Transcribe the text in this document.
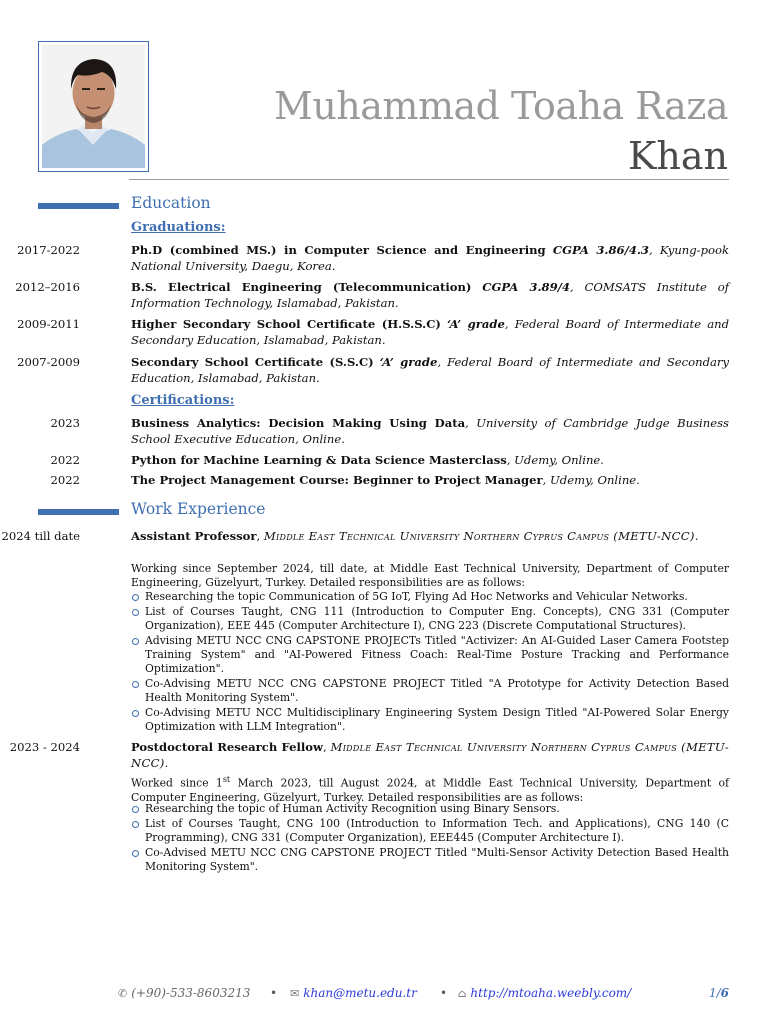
Muhammad Toaha Raza
Khan
Education
Graduations:
2017-2022	Ph.D (combined MS.) in Computer Science and Engineering CGPA 3.86/4.3, Kyung-pook National University, Daegu, Korea.
2012–2016	B.S. Electrical Engineering (Telecommunication) CGPA 3.89/4, COMSATS Institute of Information Technology, Islamabad, Pakistan.
2009-2011	Higher Secondary School Certificate (H.S.S.C) ‘A’ grade, Federal Board of Intermediate and Secondary Education, Islamabad, Pakistan.
2007-2009	Secondary School Certificate (S.S.C) ‘A’ grade, Federal Board of Intermediate and Secondary Education, Islamabad, Pakistan.
Certifications:
2023	Business Analytics: Decision Making Using Data, University of Cambridge Judge Business School Executive Education, Online.
2022	Python for Machine Learning & Data Science Masterclass, Udemy, Online.
2022	The Project Management Course: Beginner to Project Manager, Udemy, Online.
Work Experience
2024 till date	Assistant Professor, Middle East Technical University Northern Cyprus Campus (METU-NCC).
Working since September 2024, till date, at Middle East Technical University, Department of Computer Engineering, Güzelyurt, Turkey. Detailed responsibilities are as follows:
Researching the topic Communication of 5G IoT, Flying Ad Hoc Networks and Vehicular Networks.
List of Courses Taught, CNG 111 (Introduction to Computer Eng. Concepts), CNG 331 (Computer Organization), EEE 445 (Computer Architecture I), CNG 223 (Discrete Computational Structures).
Advising METU NCC CNG CAPSTONE PROJECTs Titled "Activizer: An AI-Guided Laser Camera Footstep Training System" and "AI-Powered Fitness Coach: Real-Time Posture Tracking and Performance Optimization".
Co-Advising METU NCC CNG CAPSTONE PROJECT Titled "A Prototype for Activity Detection Based Health Monitoring System".
Co-Advising METU NCC Multidisciplinary Engineering System Design Titled "AI-Powered Solar Energy Optimization with LLM Integration".
2023 - 2024	Postdoctoral Research Fellow, Middle East Technical University Northern Cyprus Campus (METU-NCC).
Worked since 1st March 2023, till August 2024, at Middle East Technical University, Department of Computer Engineering, Güzelyurt, Turkey. Detailed responsibilities are as follows:
Researching the topic of Human Activity Recognition using Binary Sensors.
List of Courses Taught, CNG 100 (Introduction to Information Tech. and Applications), CNG 140 (C Programming), CNG 331 (Computer Organization), EEE445 (Computer Architecture I).
Co-Advised METU NCC CNG CAPSTONE PROJECT Titled "Multi-Sensor Activity Detection Based Health Monitoring System".
✆ (+90)-533-8603213 • ✉ khan@metu.edu.tr • ⌂ http://mtoaha.weebly.com/	1/6
